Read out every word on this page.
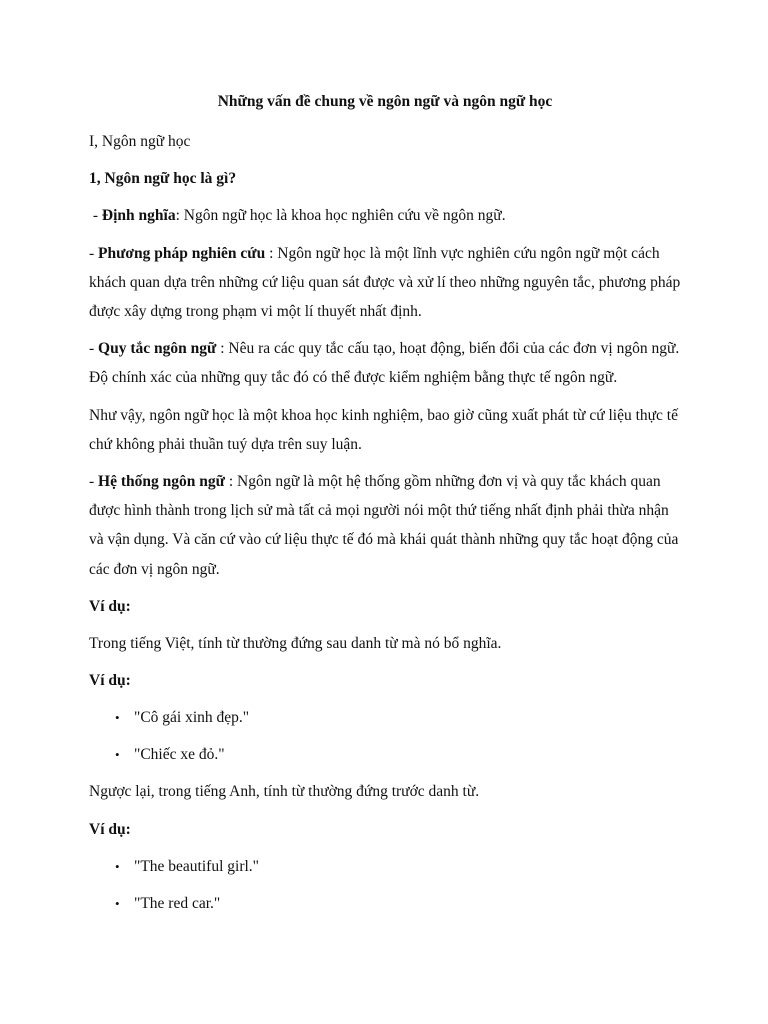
Những vấn đề chung về ngôn ngữ và ngôn ngữ học

I, Ngôn ngữ học

1, Ngôn ngữ học là gì?

- Định nghĩa: Ngôn ngữ học là khoa học nghiên cứu về ngôn ngữ.

- Phương pháp nghiên cứu : Ngôn ngữ học là một lĩnh vực nghiên cứu ngôn ngữ một cách khách quan dựa trên những cứ liệu quan sát được và xử lí theo những nguyên tắc, phương pháp được xây dựng trong phạm vi một lí thuyết nhất định.

- Quy tắc ngôn ngữ : Nêu ra các quy tắc cấu tạo, hoạt động, biến đổi của các đơn vị ngôn ngữ. Độ chính xác của những quy tắc đó có thể được kiểm nghiệm bằng thực tế ngôn ngữ.

Như vậy, ngôn ngữ học là một khoa học kinh nghiệm, bao giờ cũng xuất phát từ cứ liệu thực tế chứ không phải thuần tuý dựa trên suy luận.

- Hệ thống ngôn ngữ : Ngôn ngữ là một hệ thống gồm những đơn vị và quy tắc khách quan được hình thành trong lịch sử mà tất cả mọi người nói một thứ tiếng nhất định phải thừa nhận và vận dụng. Và căn cứ vào cứ liệu thực tế đó mà khái quát thành những quy tắc hoạt động của các đơn vị ngôn ngữ.

Ví dụ:

Trong tiếng Việt, tính từ thường đứng sau danh từ mà nó bổ nghĩa.

Ví dụ:

• "Cô gái xinh đẹp."
• "Chiếc xe đỏ."

Ngược lại, trong tiếng Anh, tính từ thường đứng trước danh từ.

Ví dụ:

• "The beautiful girl."
• "The red car."
